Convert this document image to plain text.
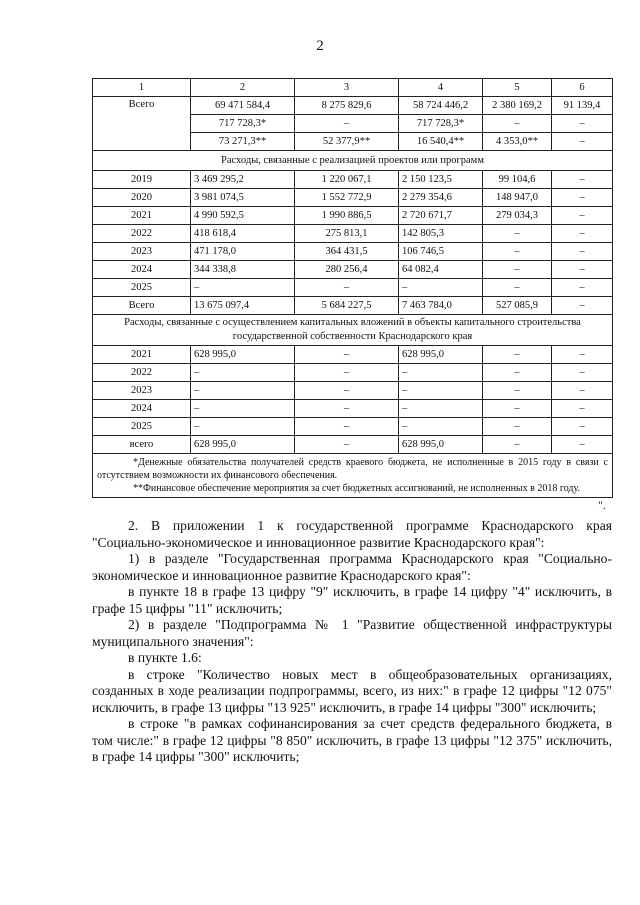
2
1	2	3	4	5	6
Всего	69 471 584,4	8 275 829,6	58 724 446,2	2 380 169,2	91 139,4
	717 728,3*	–	717 728,3*	–	–
	73 271,3**	52 377,9**	16 540,4**	4 353,0**	–
Расходы, связанные с реализацией проектов или программ					
2019	3 469 295,2	1 220 067,1	2 150 123,5	99 104,6	–
2020	3 981 074,5	1 552 772,9	2 279 354,6	148 947,0	–
2021	4 990 592,5	1 990 886,5	2 720 671,7	279 034,3	–
2022	418 618,4	275 813,1	142 805,3	–	–
2023	471 178,0	364 431,5	106 746,5	–	–
2024	344 338,8	280 256,4	64 082,4	–	–
2025	–	–	–	–	–
Всего	13 675 097,4	5 684 227,5	7 463 784,0	527 085,9	–
Расходы, связанные с осуществлением капитальных вложений в объекты капитального строительства государственной собственности Краснодарского края					
2021	628 995,0	–	628 995,0	–	–
2022	–	–	–	–	–
2023	–	–	–	–	–
2024	–	–	–	–	–
2025	–	–	–	–	–
всего	628 995,0	–	628 995,0	–	–

*Денежные обязательства получателей средств краевого бюджета, не исполненные в 2015 году в связи с отсутствием возможности их финансового обеспечения.
**Финансовое обеспечение мероприятия за счет бюджетных ассигнований, не исполненных в 2018 году.					
".

2. В приложении 1 к государственной программе Краснодарского края "Социально-экономическое и инновационное развитие Краснодарского края":

1) в разделе "Государственная программа Краснодарского края "Социально-экономическое и инновационное развитие Краснодарского края":

в пункте 18 в графе 13 цифру "9" исключить, в графе 14 цифру "4" исключить, в графе 15 цифры "11" исключить;

2) в разделе "Подпрограмма № 1 "Развитие общественной инфраструктуры муниципального значения":

в пункте 1.6:

в строке "Количество новых мест в общеобразовательных организациях, созданных в ходе реализации подпрограммы, всего, из них:" в графе 12 цифры "12 075" исключить, в графе 13 цифры "13 925" исключить, в графе 14 цифры "300" исключить;

в строке "в рамках софинансирования за счет средств федерального бюджета, в том числе:" в графе 12 цифры "8 850" исключить, в графе 13 цифры "12 375" исключить, в графе 14 цифры "300" исключить;
